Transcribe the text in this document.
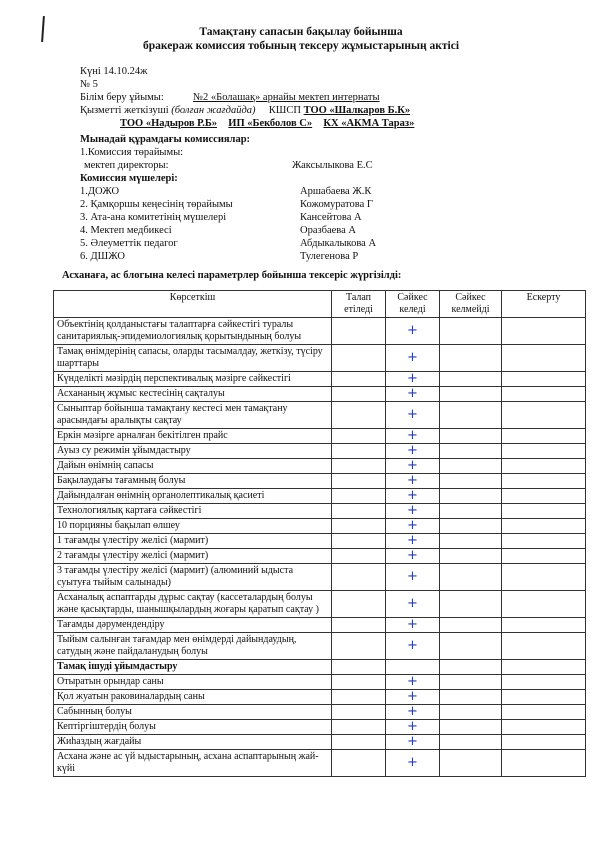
Тамақтану сапасын бақылау бойынша
бракераж комиссия тобының тексеру жұмыстарының актісі
Күні 14.10.24ж
№ 5
Білім беру ұйымы:	№2 «Болашақ» арнайы мектеп интернаты
Қызметті жеткізуші (болған жағдайда) КШСП ТОО «Шалкаров Б.К»
ТОО «Надыров Р.Б» ИП «Бекболов С» КХ «АКМА Тараз»
Мынадай құрамдағы комиссиялар:
1.Комиссия төрайымы:
мектеп директоры:	Жаксылыкова Е.С
Комиссия мүшелері:
1.ДОЖО	Аршабаева Ж.К
2. Қамқоршы кеңесінің төрайымы	Кожомуратова Г
3. Ата-ана комитетінің мүшелері	Кансейтова А
4. Мектеп медбикесі	Оразбаева А
5. Әлеуметтік педагог	Абдыкалыкова А
6. ДШЖО	Тулегенова Р
Асханаға, ас блогына келесі параметрлер бойынша тексеріс жүргізілді:
Көрсеткіш	Талап етіледі	Сәйкес келеді	Сәйкес келмейді	Ескерту
Объектінің қолданыстағы талаптарға сәйкестігі туралы санитариялық-эпидемиологиялық қорытындының болуы		+		
Тамақ өнімдерінің сапасы, оларды тасымалдау, жеткізу, түсіру шарттары		+		
Күнделікті мәзірдің перспективалық мәзірге сәйкестігі		+		
Асхананың жұмыс кестесінің сақталуы		+		
Сыныптар бойынша тамақтану кестесі мен тамақтану арасындағы аралықты сақтау		+		
Еркін мәзірге арналған бекітілген прайс		+		
Ауыз су режимін ұйымдастыру		+		
Дайын өнімнің сапасы		+		
Бақылаудағы тағамның болуы		+		
Дайындалған өнімнің органолептикалық қасиеті		+		
Технологиялық картаға сәйкестігі		+		
10 порцияны бақылап өлшеу		+		
1 тағамды үлестіру желісі (мармит)		+		
2 тағамды үлестіру желісі (мармит)		+		
3 тағамды үлестіру желісі (мармит) (алюминий ыдыста суытуға тыйым салынады)		+		
Асханалық аспаптарды дұрыс сақтау (кассеталардың болуы және қасықтарды, шанышқылардың жоғары қаратып сақтау )		+		
Тағамды дәрумендендіру		+		
Тыйым салынған тағамдар мен өнімдерді дайындаудың, сатудың және пайдаланудың болуы		+		
Тамақ ішуді ұйымдастыру				
Отыратын орындар саны		+		
Қол жуатын раковиналардың саны		+		
Сабынның болуы		+		
Кептіргіштердің болуы		+		
Жиһаздың жағдайы		+		
Асхана және ас үй ыдыстарының, асхана аспаптарының жай-күйі		+		
